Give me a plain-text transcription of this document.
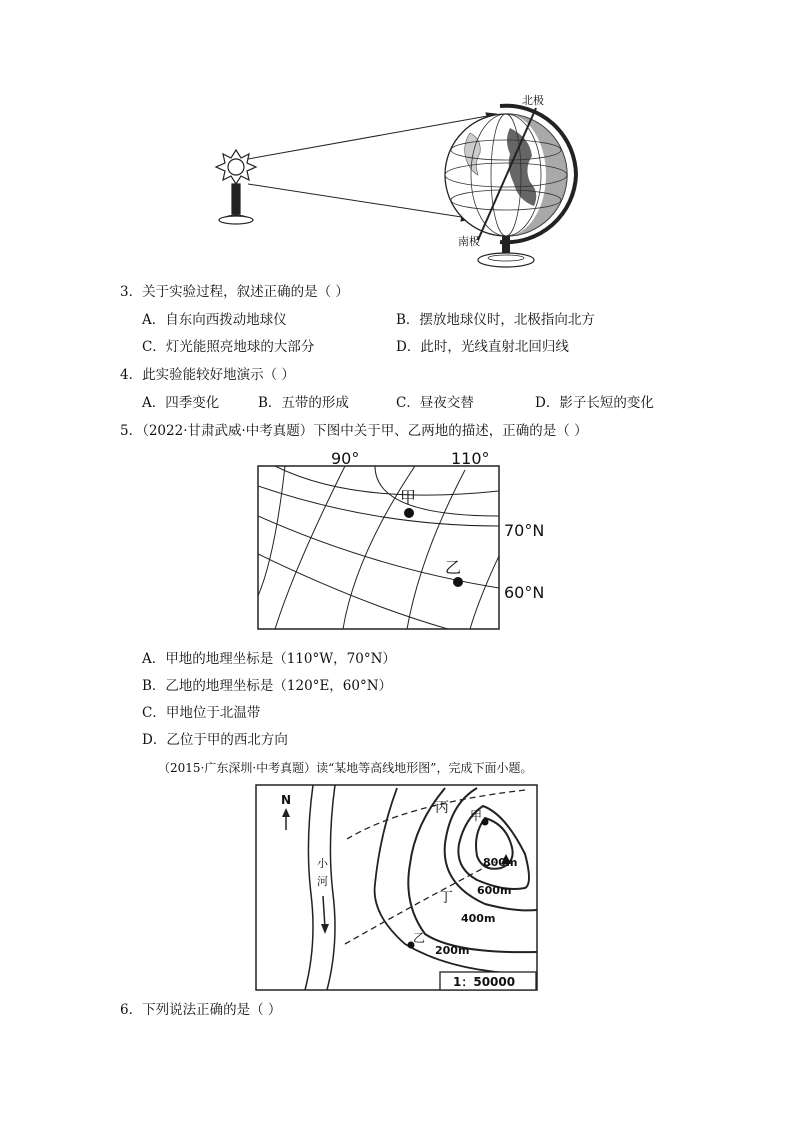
北极
南极
3．关于实验过程，叙述正确的是（ ）
A．自东向西拨动地球仪	B．摆放地球仪时，北极指向北方
C．灯光能照亮地球的大部分	D．此时，光线直射北回归线
4．此实验能较好地演示（ ）
A．四季变化	B．五带的形成	C．昼夜交替	D．影子长短的变化
5．（2022·甘肃武威·中考真题）下图中关于甲、乙两地的描述，正确的是（ ）
90°	110°
70°N
60°N
甲
乙
A．甲地的地理坐标是（110°W，70°N）
B．乙地的地理坐标是（120°E，60°N）
C．甲地位于北温带
D．乙位于甲的西北方向
（2015·广东深圳·中考真题）读“某地等高线地形图”，完成下面小题。
N
小
河
丙 甲
丁
乙
800m
600m
400m
200m
1：50000
6．下列说法正确的是（ ）
